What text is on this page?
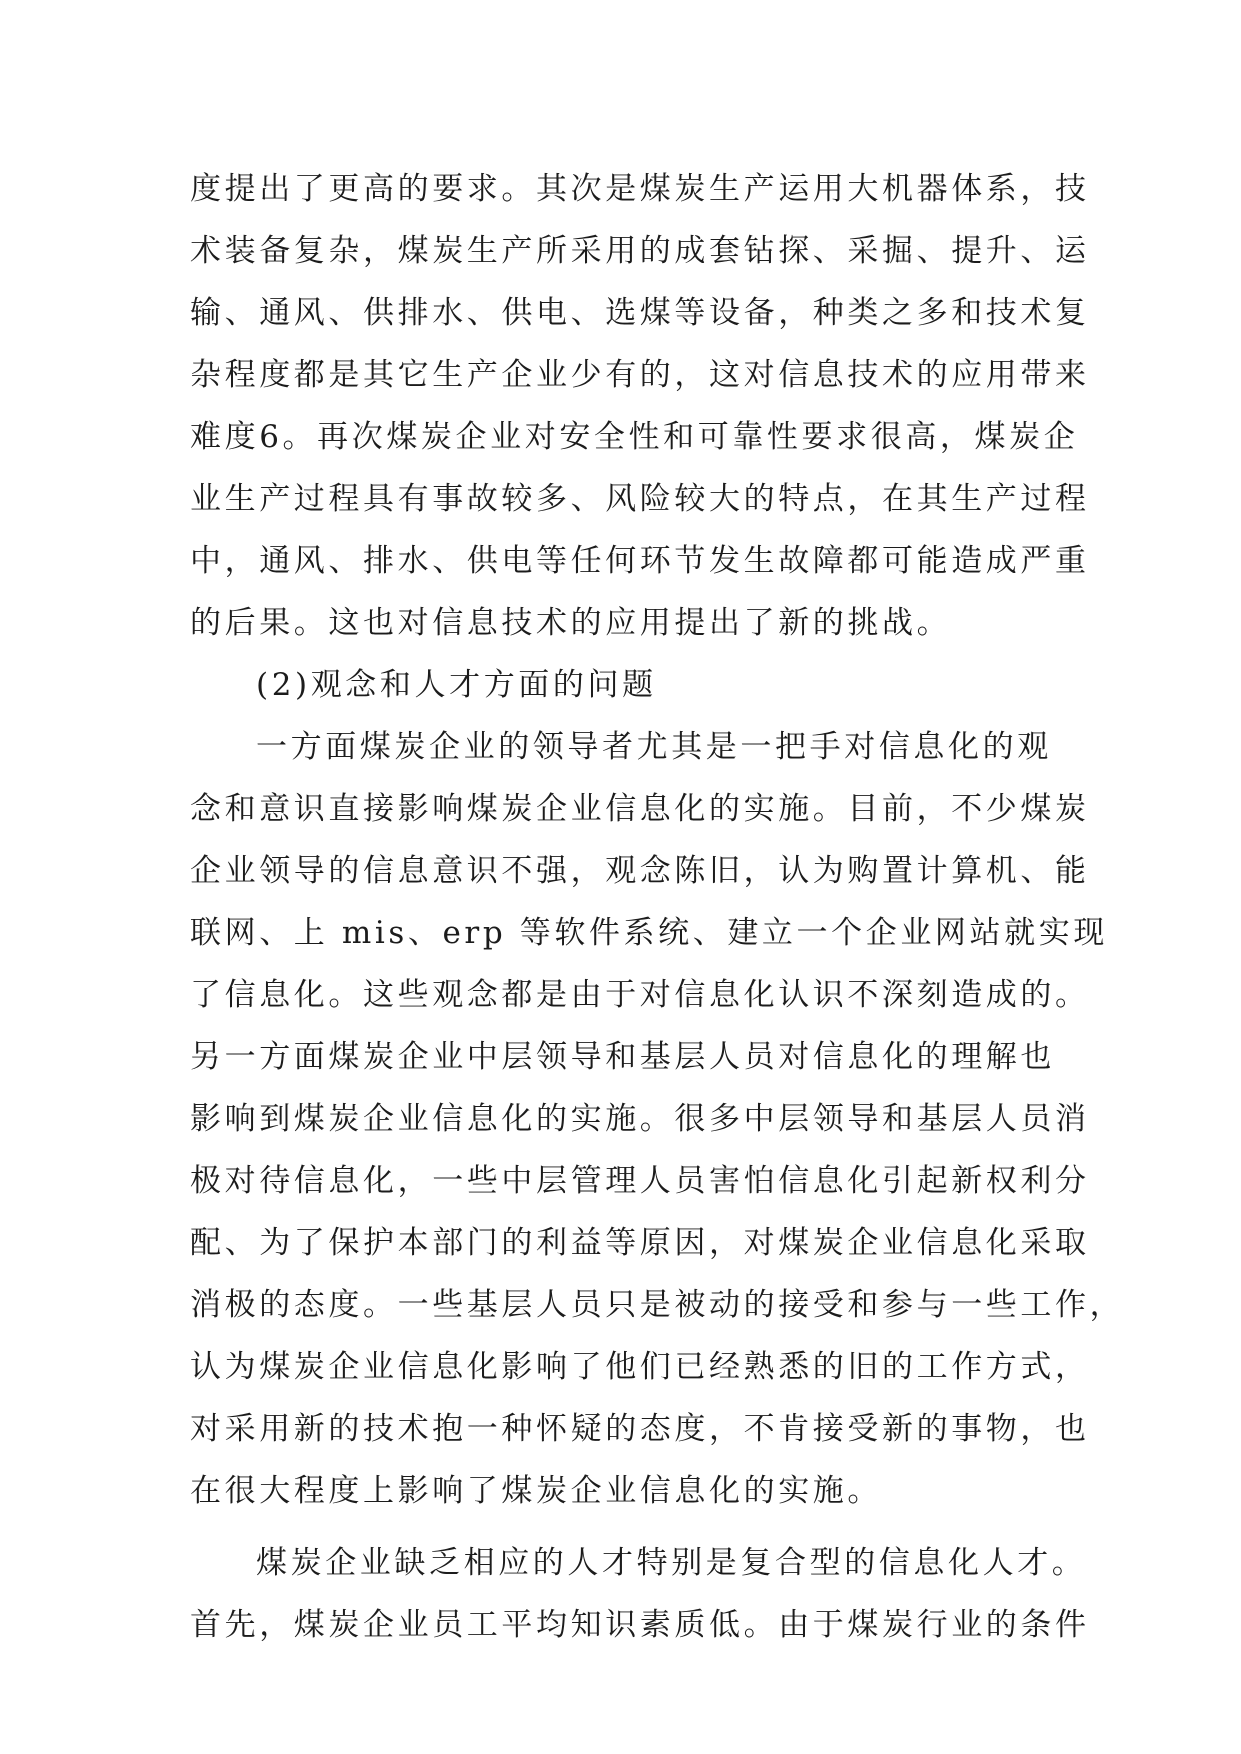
度提出了更高的要求。其次是煤炭生产运用大机器体系，技
术装备复杂，煤炭生产所采用的成套钻探、采掘、提升、运
输、通风、供排水、供电、选煤等设备，种类之多和技术复
杂程度都是其它生产企业少有的，这对信息技术的应用带来
难度6。再次煤炭企业对安全性和可靠性要求很高，煤炭企
业生产过程具有事故较多、风险较大的特点，在其生产过程
中，通风、排水、供电等任何环节发生故障都可能造成严重
的后果。这也对信息技术的应用提出了新的挑战。
(2)观念和人才方面的问题
一方面煤炭企业的领导者尤其是一把手对信息化的观
念和意识直接影响煤炭企业信息化的实施。目前，不少煤炭
企业领导的信息意识不强，观念陈旧，认为购置计算机、能
联网、上 mis、erp 等软件系统、建立一个企业网站就实现
了信息化。这些观念都是由于对信息化认识不深刻造成的。
另一方面煤炭企业中层领导和基层人员对信息化的理解也
影响到煤炭企业信息化的实施。很多中层领导和基层人员消
极对待信息化，一些中层管理人员害怕信息化引起新权利分
配、为了保护本部门的利益等原因，对煤炭企业信息化采取
消极的态度。一些基层人员只是被动的接受和参与一些工作，
认为煤炭企业信息化影响了他们已经熟悉的旧的工作方式，
对采用新的技术抱一种怀疑的态度，不肯接受新的事物，也
在很大程度上影响了煤炭企业信息化的实施。
煤炭企业缺乏相应的人才特别是复合型的信息化人才。
首先，煤炭企业员工平均知识素质低。由于煤炭行业的条件
